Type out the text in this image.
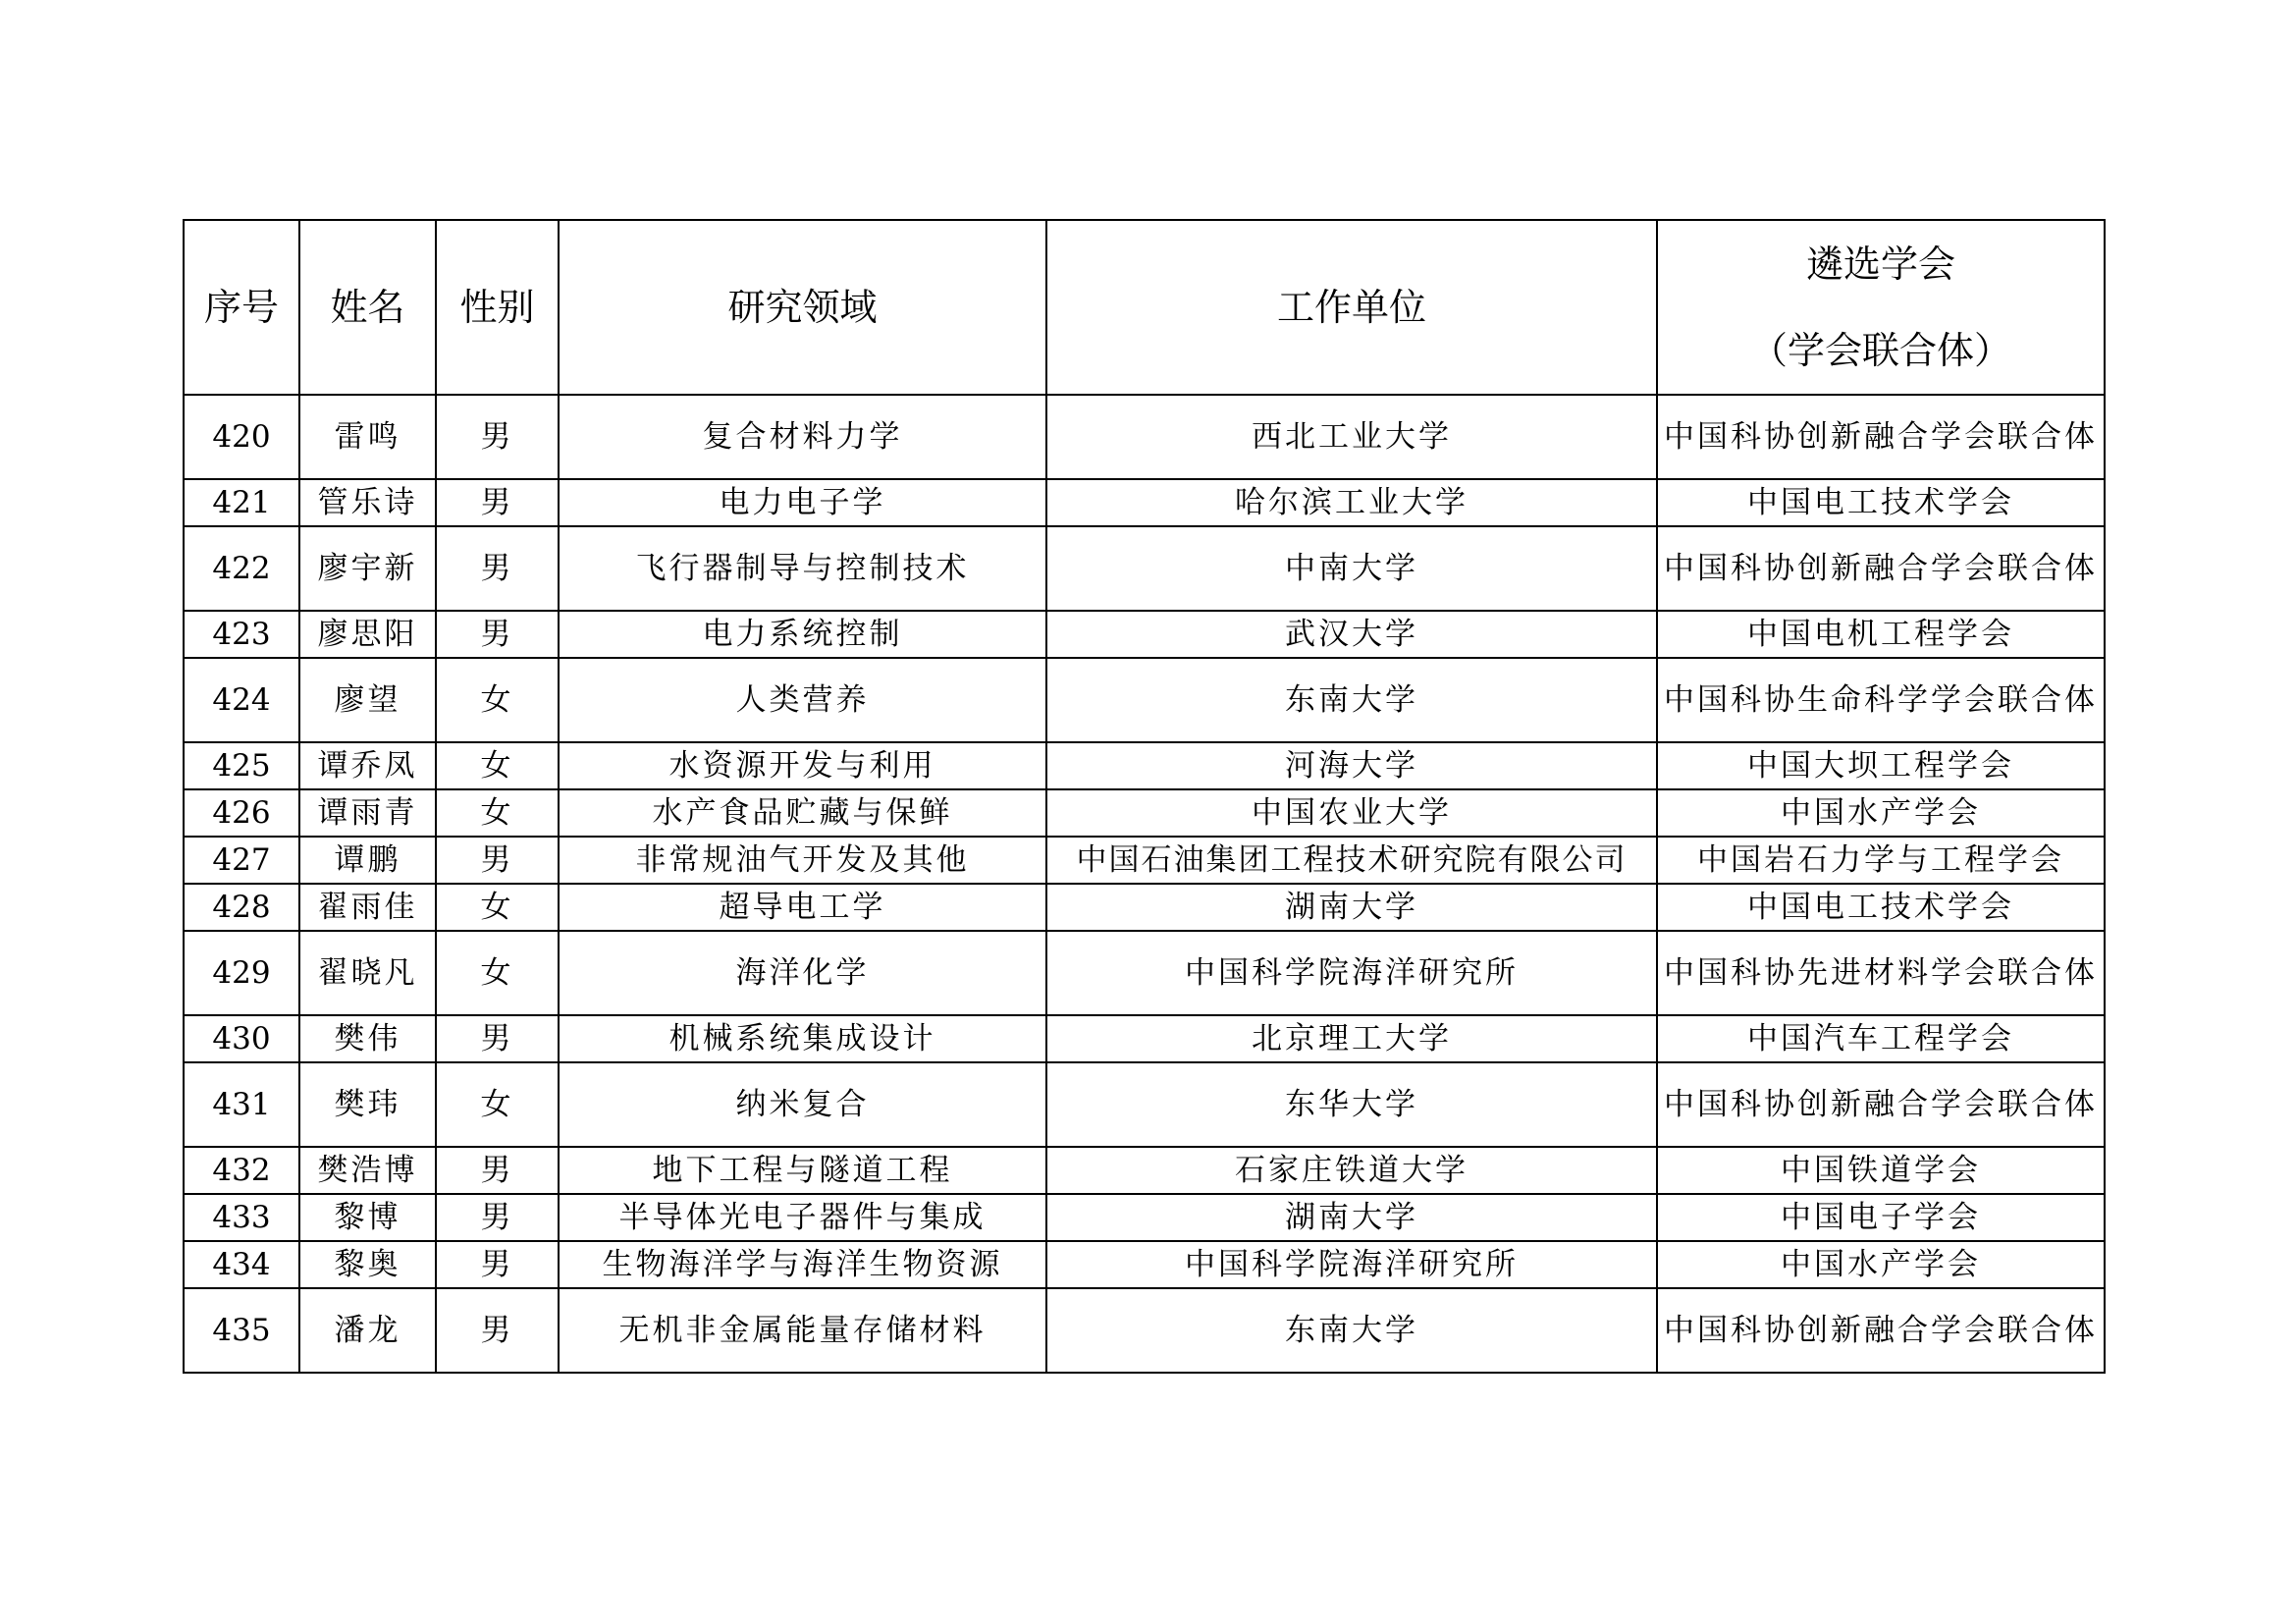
序号	姓名	性别	研究领域	工作单位	遴选学会
（学会联合体）

420	雷鸣	男	复合材料力学	西北工业大学	中国科协创新融合学会联合体
421	管乐诗	男	电力电子学	哈尔滨工业大学	中国电工技术学会
422	廖宇新	男	飞行器制导与控制技术	中南大学	中国科协创新融合学会联合体
423	廖思阳	男	电力系统控制	武汉大学	中国电机工程学会
424	廖望	女	人类营养	东南大学	中国科协生命科学学会联合体
425	谭乔凤	女	水资源开发与利用	河海大学	中国大坝工程学会
426	谭雨青	女	水产食品贮藏与保鲜	中国农业大学	中国水产学会
427	谭鹏	男	非常规油气开发及其他	中国石油集团工程技术研究院有限公司	中国岩石力学与工程学会
428	翟雨佳	女	超导电工学	湖南大学	中国电工技术学会
429	翟晓凡	女	海洋化学	中国科学院海洋研究所	中国科协先进材料学会联合体
430	樊伟	男	机械系统集成设计	北京理工大学	中国汽车工程学会
431	樊玮	女	纳米复合	东华大学	中国科协创新融合学会联合体
432	樊浩博	男	地下工程与隧道工程	石家庄铁道大学	中国铁道学会
433	黎博	男	半导体光电子器件与集成	湖南大学	中国电子学会
434	黎奥	男	生物海洋学与海洋生物资源	中国科学院海洋研究所	中国水产学会
435	潘龙	男	无机非金属能量存储材料	东南大学	中国科协创新融合学会联合体
